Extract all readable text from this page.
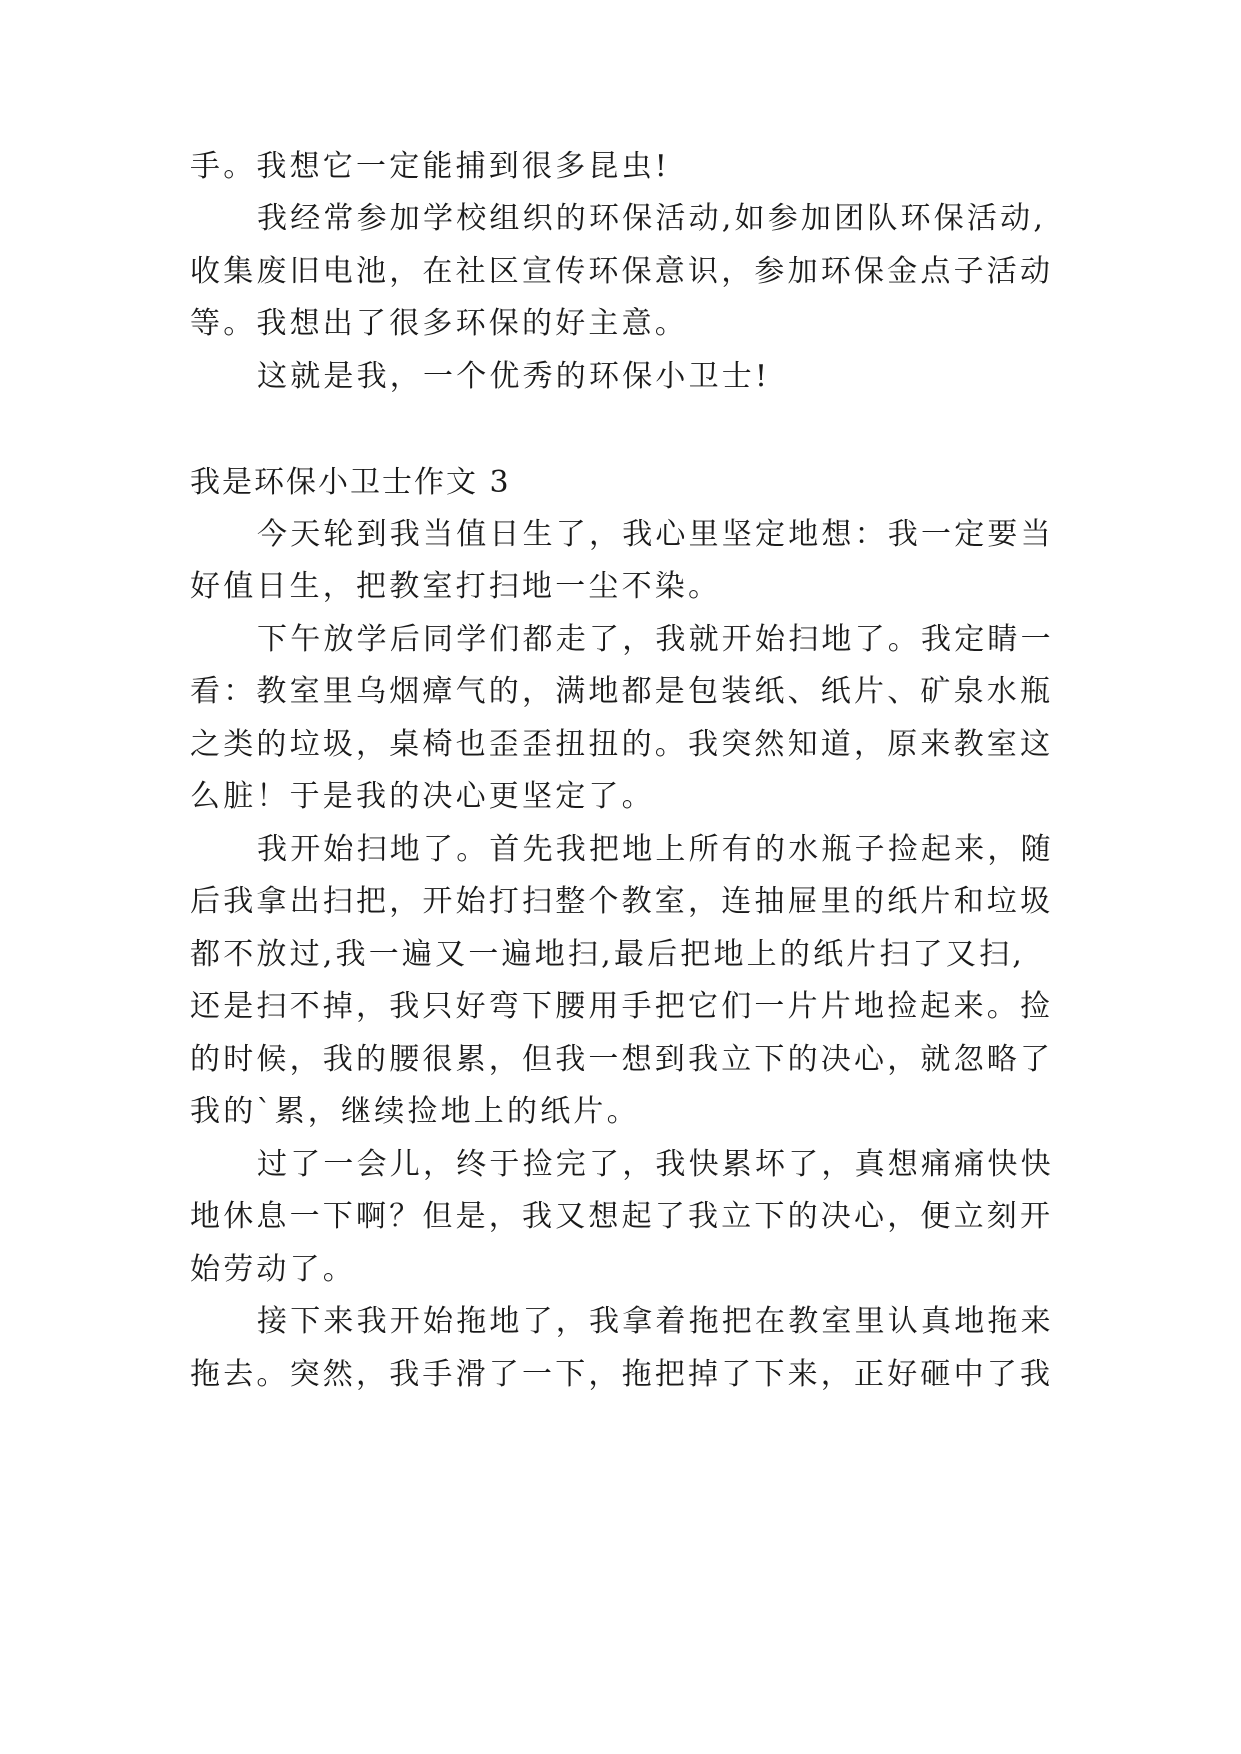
手。我想它一定能捕到很多昆虫!
我经常参加学校组织的环保活动,如参加团队环保活动,
收集废旧电池，在社区宣传环保意识，参加环保金点子活动
等。我想出了很多环保的好主意。
这就是我，一个优秀的环保小卫士!
我是环保小卫士作文 3
今天轮到我当值日生了，我心里坚定地想：我一定要当
好值日生，把教室打扫地一尘不染。
下午放学后同学们都走了，我就开始扫地了。我定睛一
看：教室里乌烟瘴气的，满地都是包装纸、纸片、矿泉水瓶
之类的垃圾，桌椅也歪歪扭扭的。我突然知道，原来教室这
么脏！于是我的决心更坚定了。
我开始扫地了。首先我把地上所有的水瓶子捡起来，随
后我拿出扫把，开始打扫整个教室，连抽屉里的纸片和垃圾
都不放过,我一遍又一遍地扫,最后把地上的纸片扫了又扫,
还是扫不掉，我只好弯下腰用手把它们一片片地捡起来。捡
的时候，我的腰很累，但我一想到我立下的决心，就忽略了
我的`累，继续捡地上的纸片。
过了一会儿，终于捡完了，我快累坏了，真想痛痛快快
地休息一下啊？但是，我又想起了我立下的决心，便立刻开
始劳动了。
接下来我开始拖地了，我拿着拖把在教室里认真地拖来
拖去。突然，我手滑了一下，拖把掉了下来，正好砸中了我
